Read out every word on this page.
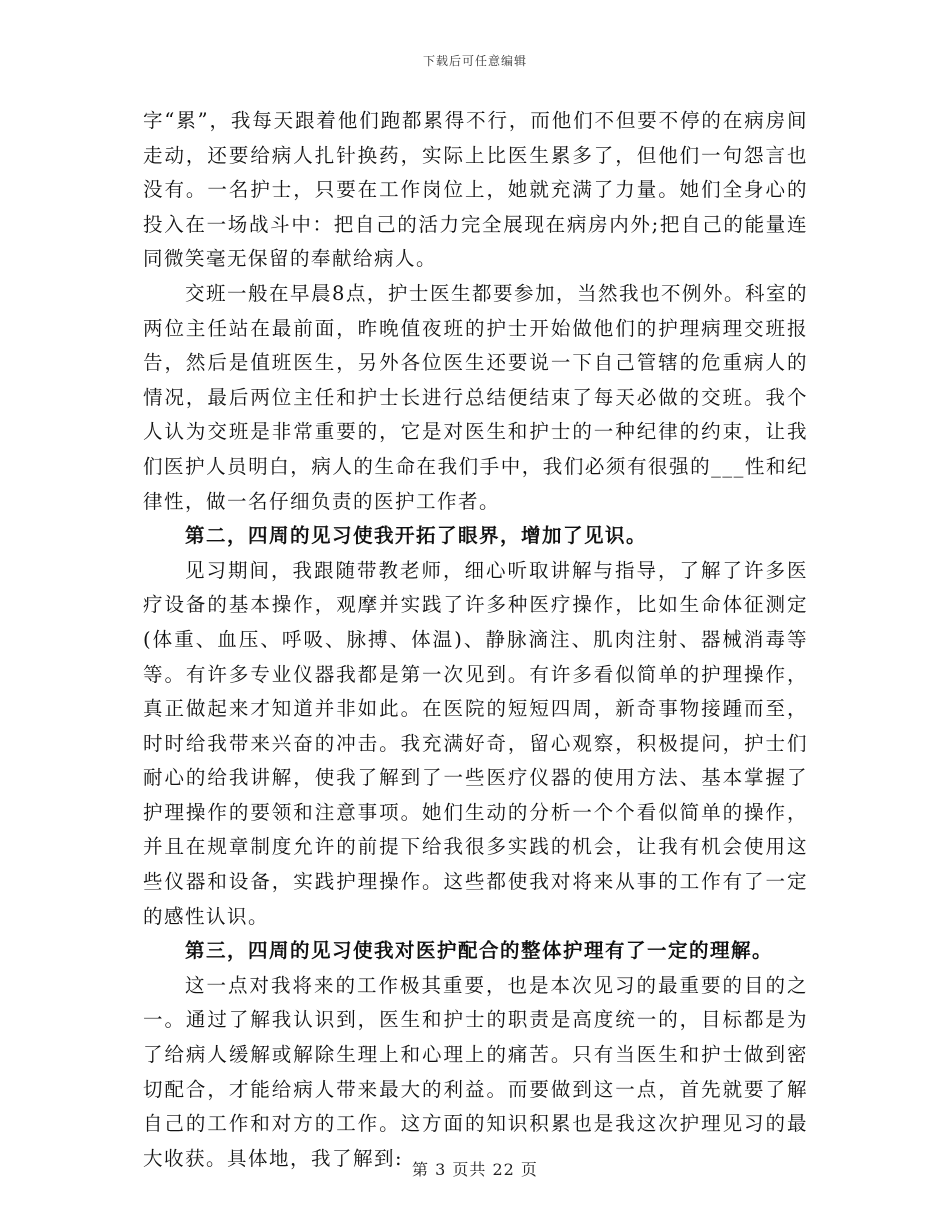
下载后可任意编辑

字“累”，我每天跟着他们跑都累得不行，而他们不但要不停的在病房间走动，还要给病人扎针换药，实际上比医生累多了，但他们一句怨言也没有。一名护士，只要在工作岗位上，她就充满了力量。她们全身心的投入在一场战斗中：把自己的活力完全展现在病房内外;把自己的能量连同微笑毫无保留的奉献给病人。

交班一般在早晨8点，护士医生都要参加，当然我也不例外。科室的两位主任站在最前面，昨晚值夜班的护士开始做他们的护理病理交班报告，然后是值班医生，另外各位医生还要说一下自己管辖的危重病人的情况，最后两位主任和护士长进行总结便结束了每天必做的交班。我个人认为交班是非常重要的，它是对医生和护士的一种纪律的约束，让我们医护人员明白，病人的生命在我们手中，我们必须有很强的___性和纪律性，做一名仔细负责的医护工作者。

第二，四周的见习使我开拓了眼界，增加了见识。

见习期间，我跟随带教老师，细心听取讲解与指导，了解了许多医疗设备的基本操作，观摩并实践了许多种医疗操作，比如生命体征测定(体重、血压、呼吸、脉搏、体温)、静脉滴注、肌肉注射、器械消毒等等。有许多专业仪器我都是第一次见到。有许多看似简单的护理操作，真正做起来才知道并非如此。在医院的短短四周，新奇事物接踵而至，时时给我带来兴奋的冲击。我充满好奇，留心观察，积极提问，护士们耐心的给我讲解，使我了解到了一些医疗仪器的使用方法、基本掌握了护理操作的要领和注意事项。她们生动的分析一个个看似简单的操作，并且在规章制度允许的前提下给我很多实践的机会，让我有机会使用这些仪器和设备，实践护理操作。这些都使我对将来从事的工作有了一定的感性认识。

第三，四周的见习使我对医护配合的整体护理有了一定的理解。

这一点对我将来的工作极其重要，也是本次见习的最重要的目的之一。通过了解我认识到，医生和护士的职责是高度统一的，目标都是为了给病人缓解或解除生理上和心理上的痛苦。只有当医生和护士做到密切配合，才能给病人带来最大的利益。而要做到这一点，首先就要了解自己的工作和对方的工作。这方面的知识积累也是我这次护理见习的最大收获。具体地，我了解到: 第 3 页共 22 页
